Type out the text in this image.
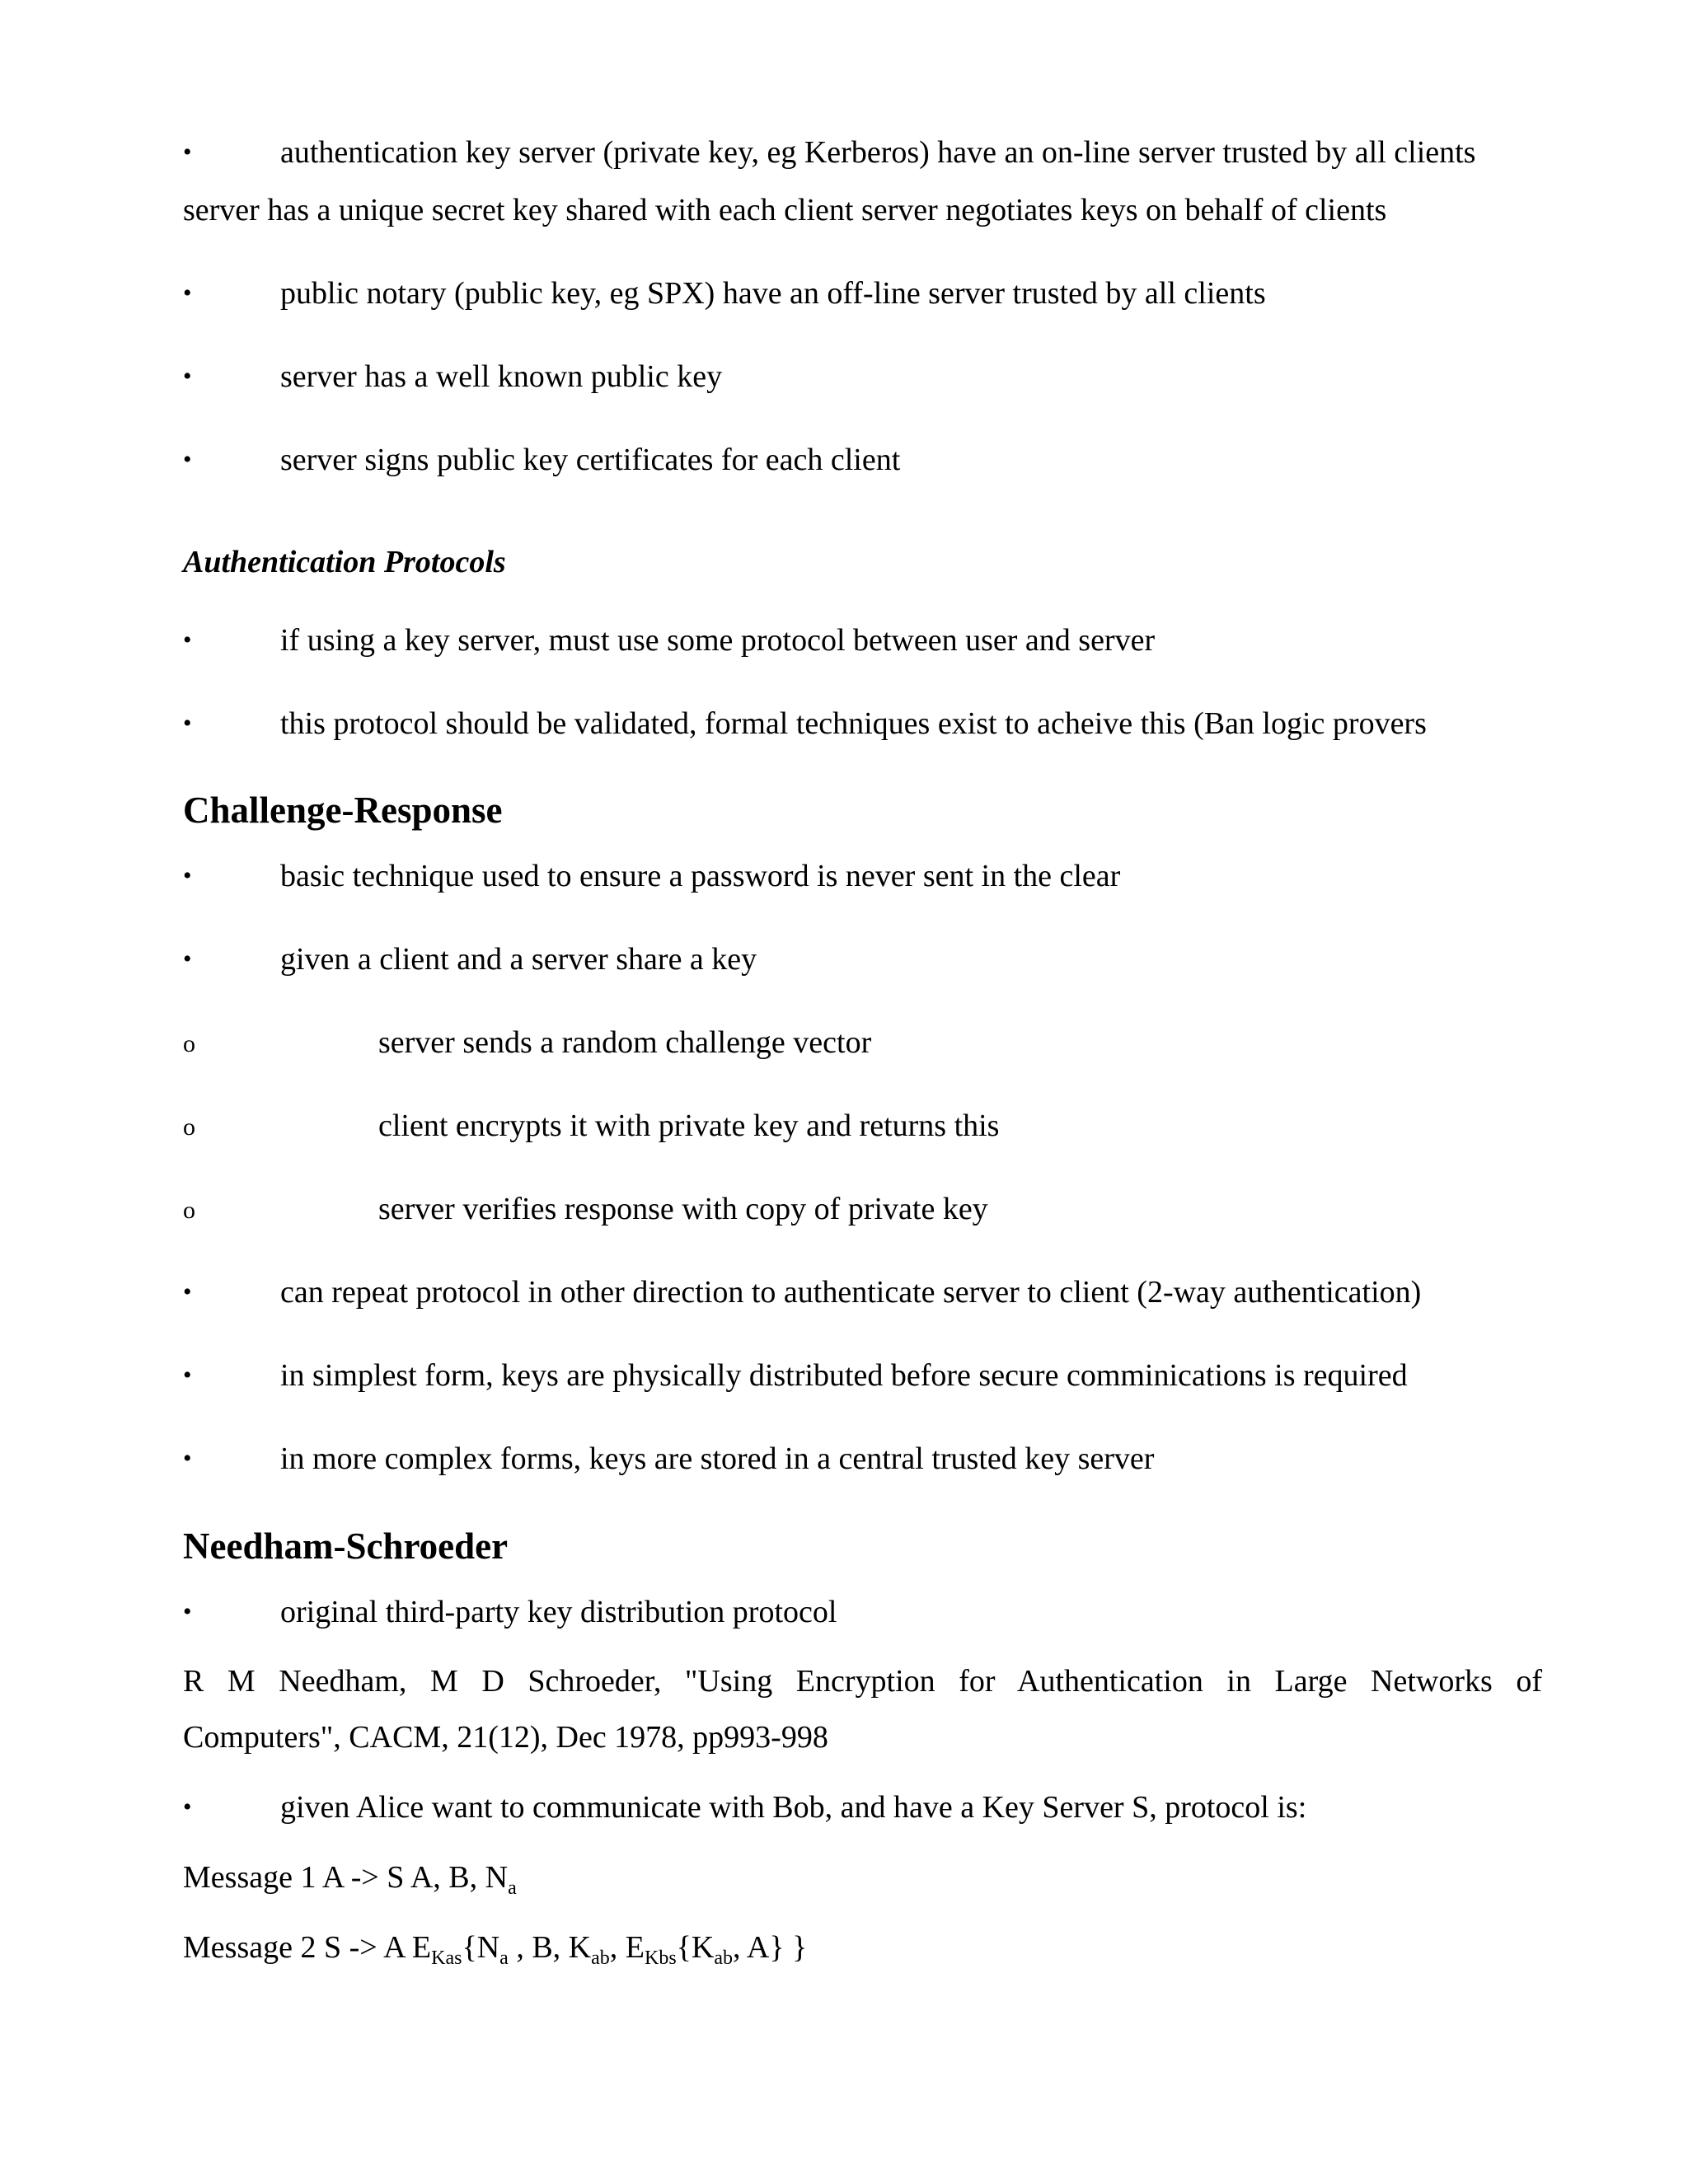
•	authentication key server (private key, eg Kerberos) have an on-line server trusted by all clients
server has a unique secret key shared with each client server negotiates keys on behalf of clients
•	public notary (public key, eg SPX) have an off-line server trusted by all clients
•	server has a well known public key
•	server signs public key certificates for each client
Authentication Protocols
•	if using a key server, must use some protocol between user and server
•	this protocol should be validated, formal techniques exist to acheive this (Ban logic provers
Challenge-Response
•	basic technique used to ensure a password is never sent in the clear
•	given a client and a server share a key
o	server sends a random challenge vector
o	client encrypts it with private key and returns this
o	server verifies response with copy of private key
•	can repeat protocol in other direction to authenticate server to client (2-way authentication)
•	in simplest form, keys are physically distributed before secure comminications is required
•	in more complex forms, keys are stored in a central trusted key server
Needham-Schroeder
•	original third-party key distribution protocol
R M Needham, M D Schroeder, "Using Encryption for Authentication in Large Networks of
Computers", CACM, 21(12), Dec 1978, pp993-998
•	given Alice want to communicate with Bob, and have a Key Server S, protocol is:
Message 1 A -> S A, B, $N_a$
Message 2 S -> A $E_{Kas}\{N_a$ , B, $K_{ab}$, $E_{Kbs}\{K_{ab}$, A} }
